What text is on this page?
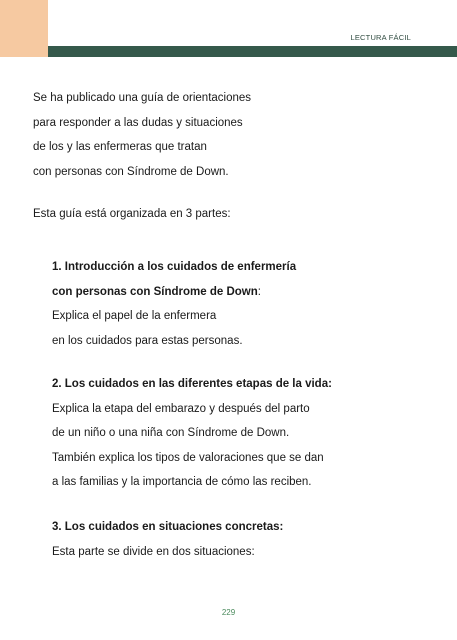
LECTURA FÁCIL

Se ha publicado una guía de orientaciones

para responder a las dudas y situaciones

de los y las enfermeras que tratan

con personas con Síndrome de Down.

Esta guía está organizada en 3 partes:

1. Introducción a los cuidados de enfermería

con personas con Síndrome de Down:

Explica el papel de la enfermera

en los cuidados para estas personas.

2. Los cuidados en las diferentes etapas de la vida:

Explica la etapa del embarazo y después del parto

de un niño o una niña con Síndrome de Down.

También explica los tipos de valoraciones que se dan

a las familias y la importancia de cómo las reciben.

3. Los cuidados en situaciones concretas:

Esta parte se divide en dos situaciones:

229
